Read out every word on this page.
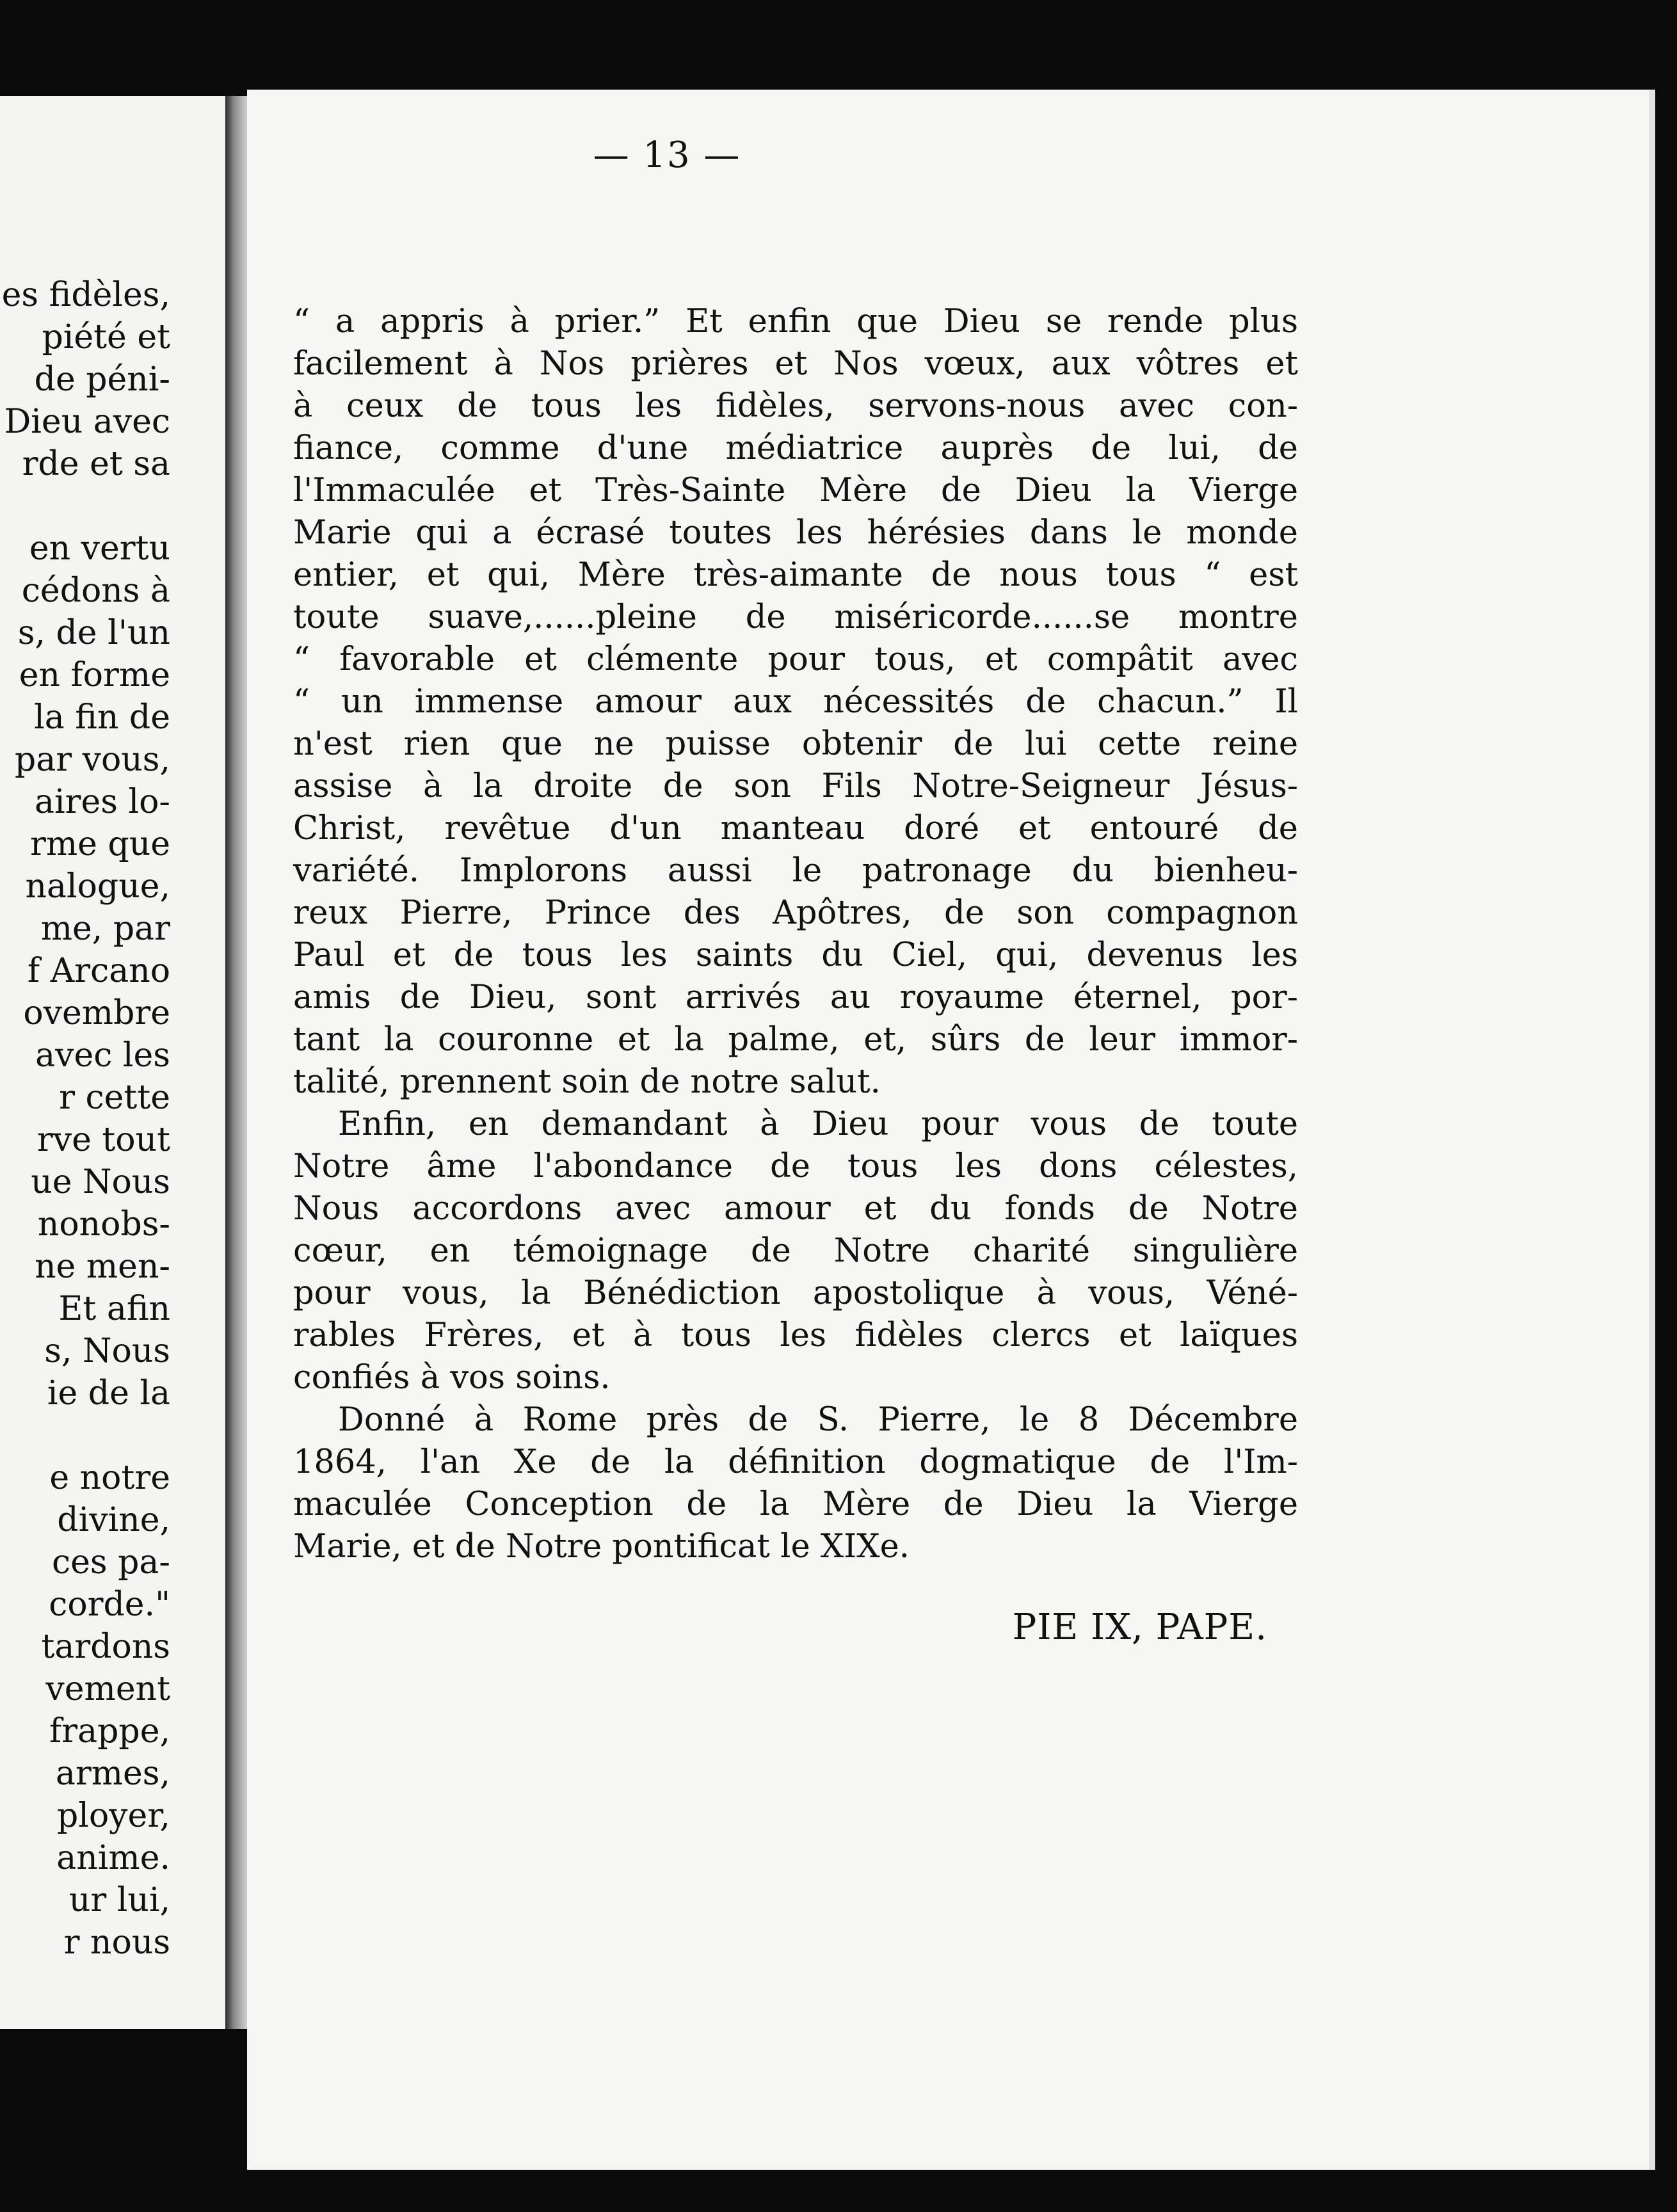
es fidèles,
piété et
de péni-
Dieu avec
rde et sa
en vertu
cédons à
s, de l'un
en forme
la fin de
par vous,
aires lo-
rme que
nalogue,
me, par
f Arcano
ovembre
avec les
r cette
rve tout
ue Nous
nonobs-
ne men-
Et afin
s, Nous
ie de la
e notre
divine,
ces pa-
corde."
tardons
vement
frappe,
armes,
ployer,
anime.
ur lui,
r nous
— 13 —
“ a appris à prier.” Et enfin que Dieu se rende plus
facilement à Nos prières et Nos vœux, aux vôtres et
à ceux de tous les fidèles, servons-nous avec con-
fiance, comme d'une médiatrice auprès de lui, de
l'Immaculée et Très-Sainte Mère de Dieu la Vierge
Marie qui a écrasé toutes les hérésies dans le monde
entier, et qui, Mère très-aimante de nous tous “ est
toute suave,......pleine de miséricorde......se montre
“ favorable et clémente pour tous, et compâtit avec
“ un immense amour aux nécessités de chacun.” Il
n'est rien que ne puisse obtenir de lui cette reine
assise à la droite de son Fils Notre-Seigneur Jésus-
Christ, revêtue d'un manteau doré et entouré de
variété. Implorons aussi le patronage du bienheu-
reux Pierre, Prince des Apôtres, de son compagnon
Paul et de tous les saints du Ciel, qui, devenus les
amis de Dieu, sont arrivés au royaume éternel, por-
tant la couronne et la palme, et, sûrs de leur immor-
talité, prennent soin de notre salut.
Enfin, en demandant à Dieu pour vous de toute
Notre âme l'abondance de tous les dons célestes,
Nous accordons avec amour et du fonds de Notre
cœur, en témoignage de Notre charité singulière
pour vous, la Bénédiction apostolique à vous, Véné-
rables Frères, et à tous les fidèles clercs et laïques
confiés à vos soins.
Donné à Rome près de S. Pierre, le 8 Décembre
1864, l'an Xe de la définition dogmatique de l'Im-
maculée Conception de la Mère de Dieu la Vierge
Marie, et de Notre pontificat le XIXe.
PIE IX, PAPE.
